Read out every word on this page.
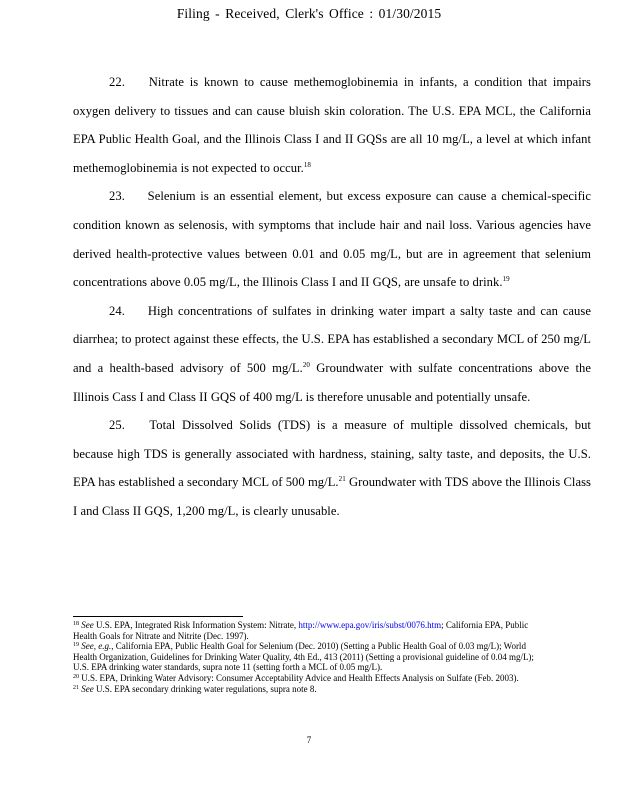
Filing - Received, Clerk's Office : 01/30/2015

22. Nitrate is known to cause methemoglobinemia in infants, a condition that impairs oxygen delivery to tissues and can cause bluish skin coloration. The U.S. EPA MCL, the California EPA Public Health Goal, and the Illinois Class I and II GQSs are all 10 mg/L, a level at which infant methemoglobinemia is not expected to occur.$^{18}$

23. Selenium is an essential element, but excess exposure can cause a chemical-specific condition known as selenosis, with symptoms that include hair and nail loss. Various agencies have derived health-protective values between 0.01 and 0.05 mg/L, but are in agreement that selenium concentrations above 0.05 mg/L, the Illinois Class I and II GQS, are unsafe to drink.$^{19}$

24. High concentrations of sulfates in drinking water impart a salty taste and can cause diarrhea; to protect against these effects, the U.S. EPA has established a secondary MCL of 250 mg/L and a health-based advisory of 500 mg/L.$^{20}$ Groundwater with sulfate concentrations above the Illinois Cass I and Class II GQS of 400 mg/L is therefore unusable and potentially unsafe.

25. Total Dissolved Solids (TDS) is a measure of multiple dissolved chemicals, but because high TDS is generally associated with hardness, staining, salty taste, and deposits, the U.S. EPA has established a secondary MCL of 500 mg/L.$^{21}$ Groundwater with TDS above the Illinois Class I and Class II GQS, 1,200 mg/L, is clearly unusable.

$^{18}$ See U.S. EPA, Integrated Risk Information System: Nitrate, http://www.epa.gov/iris/subst/0076.htm; California EPA, Public Health Goals for Nitrate and Nitrite (Dec. 1997).

$^{19}$ See, e.g., California EPA, Public Health Goal for Selenium (Dec. 2010) (Setting a Public Health Goal of 0.03 mg/L); World Health Organization, Guidelines for Drinking Water Quality, 4th Ed., 413 (2011) (Setting a provisional guideline of 0.04 mg/L); U.S. EPA drinking water standards, supra note 11 (setting forth a MCL of 0.05 mg/L).

$^{20}$ U.S. EPA, Drinking Water Advisory: Consumer Acceptability Advice and Health Effects Analysis on Sulfate (Feb. 2003).

$^{21}$ See U.S. EPA secondary drinking water regulations, supra note 8.

7
